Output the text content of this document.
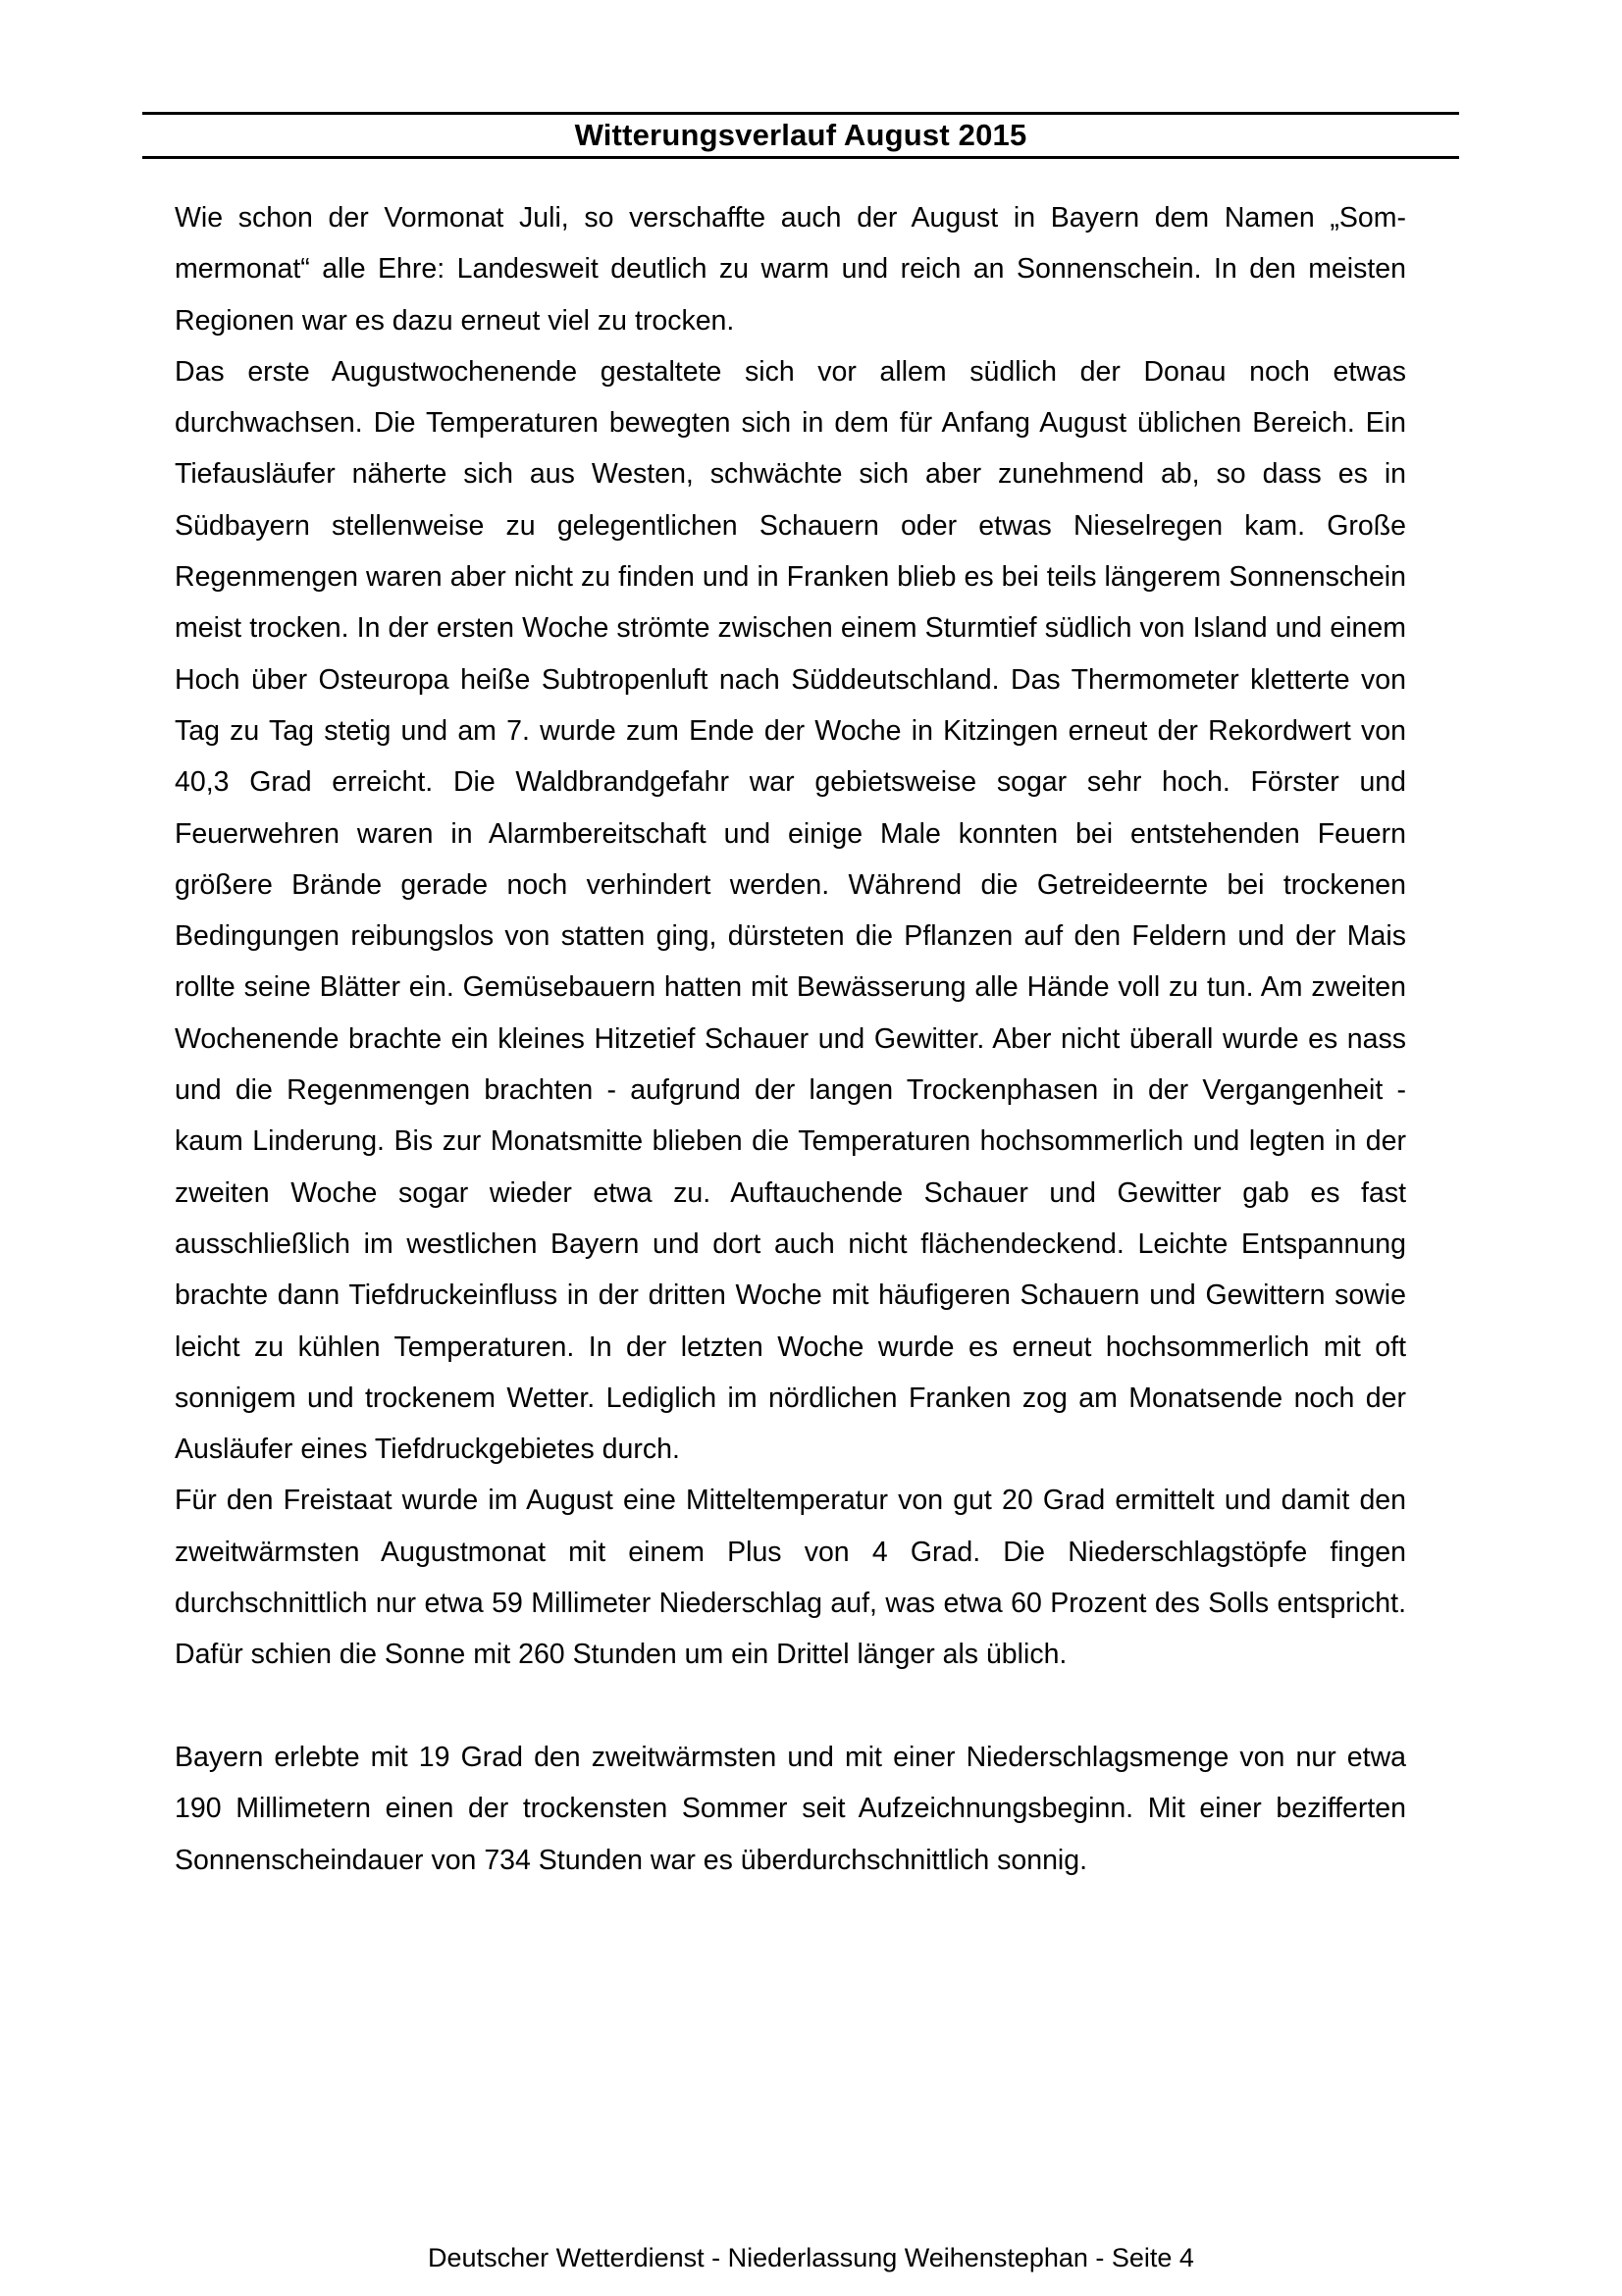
Witterungsverlauf August 2015

Wie schon der Vormonat Juli, so verschaffte auch der August in Bayern dem Namen „Sommermonat“ alle Ehre: Landesweit deutlich zu warm und reich an Sonnenschein. In den meisten Regionen war es dazu erneut viel zu trocken.

Das erste Augustwochenende gestaltete sich vor allem südlich der Donau noch etwas durchwachsen. Die Temperaturen bewegten sich in dem für Anfang August üblichen Bereich. Ein Tiefausläufer näherte sich aus Westen, schwächte sich aber zunehmend ab, so dass es in Südbayern stellenweise zu gelegentlichen Schauern oder etwas Nieselregen kam. Große Regenmengen waren aber nicht zu finden und in Franken blieb es bei teils längerem Sonnenschein meist trocken. In der ersten Woche strömte zwischen einem Sturmtief südlich von Island und einem Hoch über Osteuropa heiße Subtropenluft nach Süddeutschland. Das Thermometer kletterte von Tag zu Tag stetig und am 7. wurde zum Ende der Woche in Kitzingen erneut der Rekordwert von 40,3 Grad erreicht. Die Waldbrandgefahr war gebietsweise sogar sehr hoch. Förster und Feuerwehren waren in Alarmbereitschaft und einige Male konnten bei entstehenden Feuern größere Brände gerade noch verhindert werden. Während die Getreideernte bei trockenen Bedingungen reibungslos von statten ging, dürsteten die Pflanzen auf den Feldern und der Mais rollte seine Blätter ein. Gemüsebauern hatten mit Bewässerung alle Hände voll zu tun. Am zweiten Wochenende brachte ein kleines Hitzetief Schauer und Gewitter. Aber nicht überall wurde es nass und die Regenmengen brachten - aufgrund der langen Trockenphasen in der Vergangenheit - kaum Linderung. Bis zur Monatsmitte blieben die Temperaturen hochsommerlich und legten in der zweiten Woche sogar wieder etwa zu. Auftauchende Schauer und Gewitter gab es fast ausschließlich im westlichen Bayern und dort auch nicht flächendeckend. Leichte Entspannung brachte dann Tiefdruckeinfluss in der dritten Woche mit häufigeren Schauern und Gewittern sowie leicht zu kühlen Temperaturen. In der letzten Woche wurde es erneut hochsommerlich mit oft sonnigem und trockenem Wetter. Lediglich im nördlichen Franken zog am Monatsende noch der Ausläufer eines Tiefdruckgebietes durch.

Für den Freistaat wurde im August eine Mitteltemperatur von gut 20 Grad ermittelt und damit den zweitwärmsten Augustmonat mit einem Plus von 4 Grad. Die Niederschlagstöpfe fingen durchschnittlich nur etwa 59 Millimeter Niederschlag auf, was etwa 60 Prozent des Solls entspricht. Dafür schien die Sonne mit 260 Stunden um ein Drittel länger als üblich.

Bayern erlebte mit 19 Grad den zweitwärmsten und mit einer Niederschlagsmenge von nur etwa 190 Millimetern einen der trockensten Sommer seit Aufzeichnungsbeginn. Mit einer bezifferten Sonnenscheindauer von 734 Stunden war es überdurchschnittlich sonnig.

Deutscher Wetterdienst - Niederlassung Weihenstephan - Seite 4
